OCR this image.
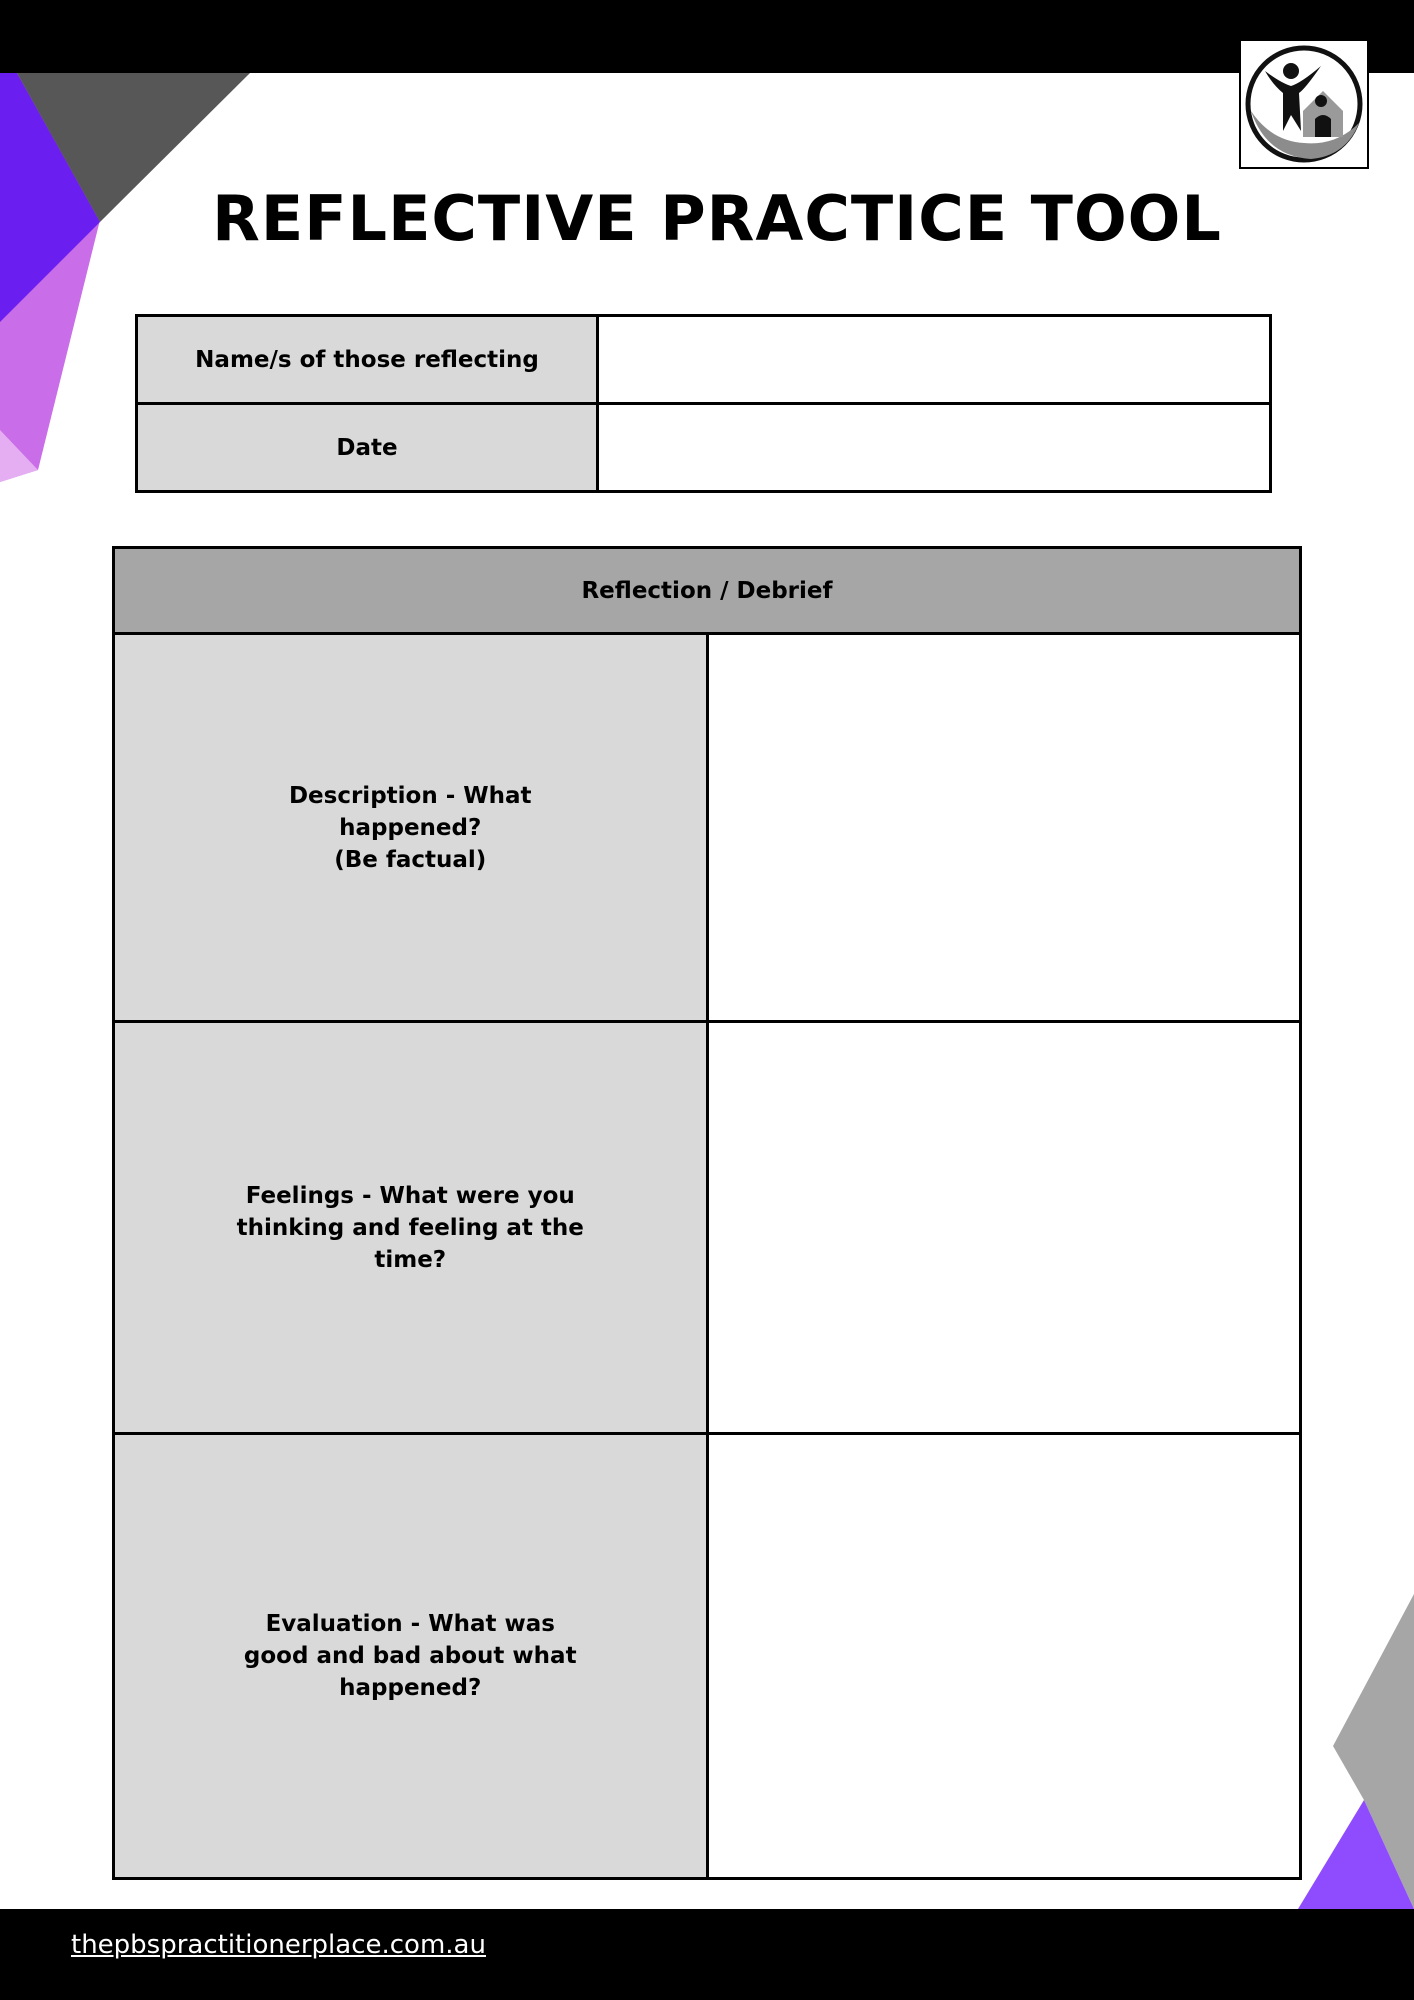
REFLECTIVE PRACTICE TOOL
Name/s of those reflecting	
Date	
Reflection / Debrief	

Description - What
happened?
(Be factual)	

Feelings - What were you
thinking and feeling at the
time?	

Evaluation - What was
good and bad about what
happened?	

thepbspractitionerplace.com.au
